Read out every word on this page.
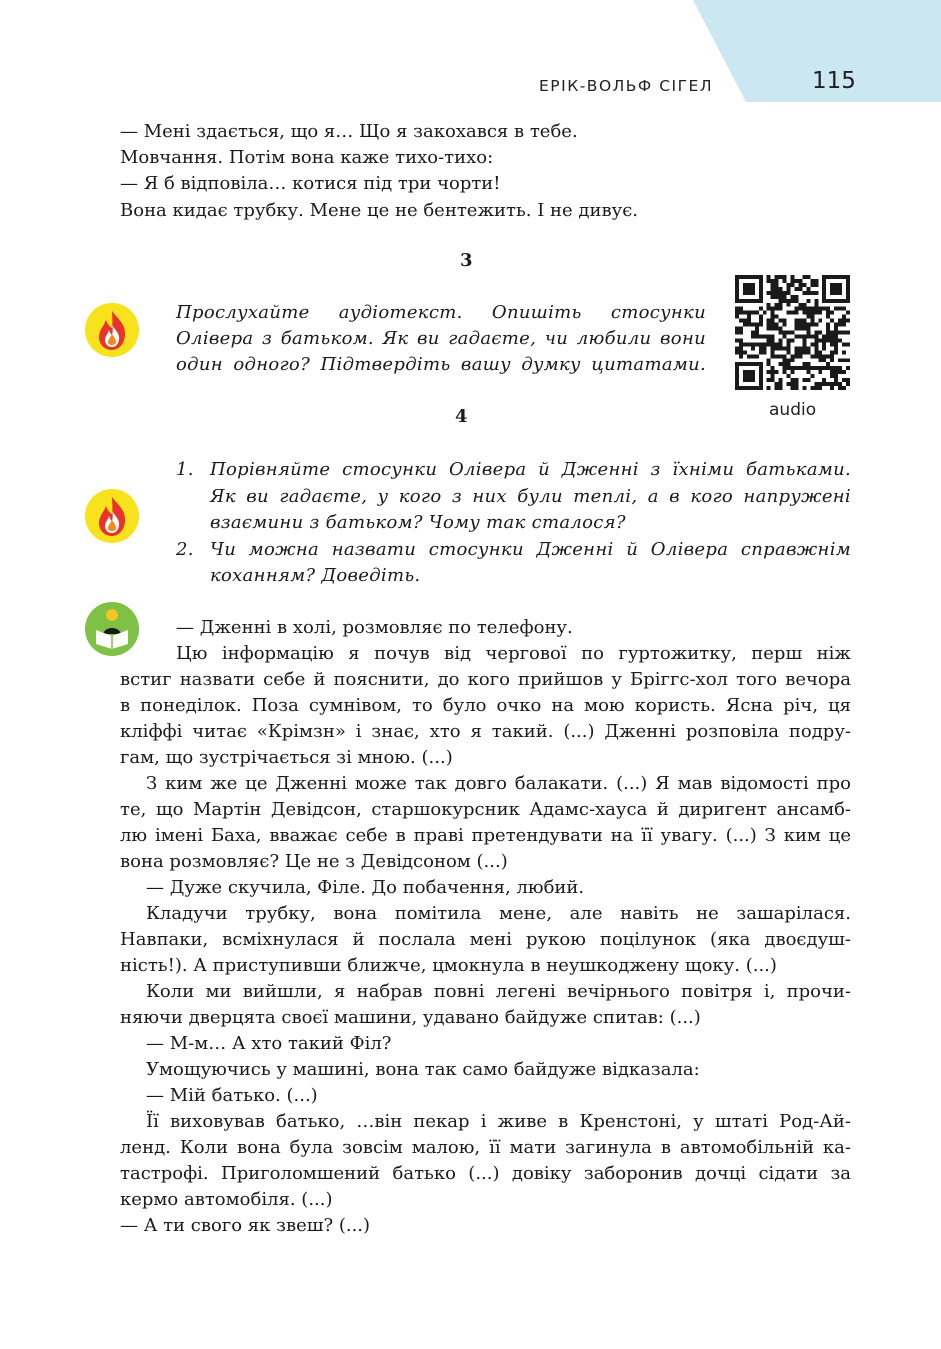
ЕРІК-ВОЛЬФ СІГЕЛ	115
— Мені здається, що я… Що я закохався в тебе.
Мовчання. Потім вона каже тихо-тихо:
— Я б відповіла… котися під три чорти!
Вона кидає трубку. Мене це не бентежить. І не дивує.
3
Прослухайте аудіотекст. Опишіть стосунки
Олівера з батьком. Як ви гадаєте, чи любили вони
один одного? Підтвердіть вашу думку цитатами.
audio
4
1. Порівняйте стосунки Олівера й Дженні з їхніми батьками.
Як ви гадаєте, у кого з них були теплі, а в кого напружені
взаємини з батьком? Чому так сталося?
2. Чи можна назвати стосунки Дженні й Олівера справжнім
коханням? Доведіть.
— Дженні в холі, розмовляє по телефону.
Цю інформацію я почув від чергової по гуртожитку, перш ніж
встиг назвати себе й пояснити, до кого прийшов у Бріггс-хол того вечора
в понеділок. Поза сумнівом, то було очко на мою користь. Ясна річ, ця
кліффі читає «Крімзн» і знає, хто я такий. (...) Дженні розповіла подру-
гам, що зустрічається зі мною. (...)
З ким же це Дженні може так довго балакати. (...) Я мав відомості про
те, що Мартін Девідсон, старшокурсник Адамс-хауса й диригент ансамб-
лю імені Баха, вважає себе в праві претендувати на її увагу. (...) З ким це
вона розмовляє? Це не з Девідсоном (...)
— Дуже скучила, Філе. До побачення, любий.
Кладучи трубку, вона помітила мене, але навіть не зашарілася.
Навпаки, всміхнулася й послала мені рукою поцілунок (яка двоєдуш-
ність!). А приступивши ближче, цмокнула в неушкоджену щоку. (...)
Коли ми вийшли, я набрав повні легені вечірнього повітря і, прочи-
няючи дверцята своєї машини, удавано байдуже спитав: (...)
— М-м… А хто такий Філ?
Умощуючись у машині, вона так само байдуже відказала:
— Мій батько. (...)
Її виховував батько, …він пекар і живе в Кренстоні, у штаті Род-Ай-
ленд. Коли вона була зовсім малою, її мати загинула в автомобільній ка-
тастрофі. Приголомшений батько (...) довіку заборонив дочці сідати за
кермо автомобіля. (...)
— А ти свого як звеш? (...)
